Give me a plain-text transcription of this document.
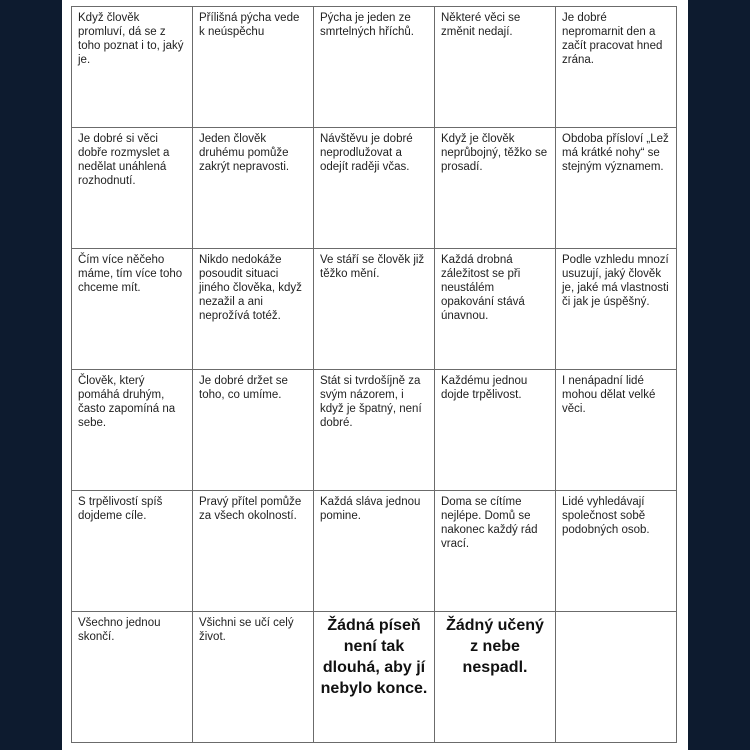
Když člověk promluví, dá se z toho poznat i to, jaký je.	Přílišná pýcha vede k neúspěchu	Pýcha je jeden ze smrtelných hříchů.	Některé věci se změnit nedají.	Je dobré nepromarnit den a začít pracovat hned zrána.
Je dobré si věci dobře rozmyslet a nedělat unáhlená rozhodnutí.	Jeden člověk druhému pomůže zakrýt nepravosti.	Návštěvu je dobré neprodlužovat a odejít raději včas.	Když je člověk neprůbojný, těžko se prosadí.	Obdoba přísloví „Lež má krátké nohy“ se stejným významem.
Čím více něčeho máme, tím více toho chceme mít.	Nikdo nedokáže posoudit situaci jiného člověka, když nezažil a ani neprožívá totéž.	Ve stáří se člověk již těžko mění.	Každá drobná záležitost se při neustálém opakování stává únavnou.	Podle vzhledu mnozí usuzují, jaký člověk je, jaké má vlastnosti či jak je úspěšný.
Člověk, který pomáhá druhým, často zapomíná na sebe.	Je dobré držet se toho, co umíme.	Stát si tvrdošíjně za svým názorem, i když je špatný, není dobré.	Každému jednou dojde trpělivost.	I nenápadní lidé mohou dělat velké věci.
S trpělivostí spíš dojdeme cíle.	Pravý přítel pomůže za všech okolností.	Každá sláva jednou pomine.	Doma se cítíme nejlépe. Domů se nakonec každý rád vrací.	Lidé vyhledávají společnost sobě podobných osob.
Všechno jednou skončí.	Všichni se učí celý život.	Žádná píseň není tak dlouhá, aby jí nebylo konce.	Žádný učený z nebe nespadl.	
